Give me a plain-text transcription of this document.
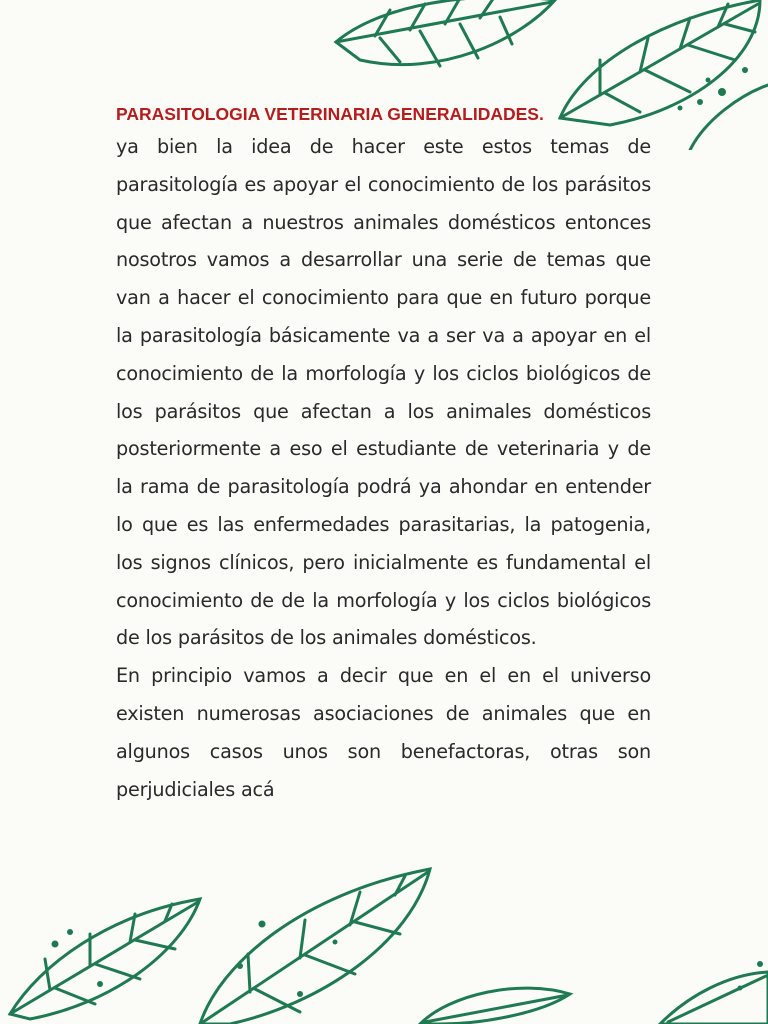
PARASITOLOGIA VETERINARIA GENERALIDADES.

ya bien la idea de hacer este estos temas de parasitología es apoyar el conocimiento de los parásitos que afectan a nuestros animales domésticos entonces nosotros vamos a desarrollar una serie de temas que van a hacer el conocimiento para que en futuro porque la parasitología básicamente va a ser va a apoyar en el conocimiento de la morfología y los ciclos biológicos de los parásitos que afectan a los animales domésticos posteriormente a eso el estudiante de veterinaria y de la rama de parasitología podrá ya ahondar en entender lo que es las enfermedades parasitarias, la patogenia, los signos clínicos, pero inicialmente es fundamental el conocimiento de de la morfología y los ciclos biológicos de los parásitos de los animales domésticos.

En principio vamos a decir que en el en el universo existen numerosas asociaciones de animales que en algunos casos unos son benefactoras, otras son perjudiciales acá
